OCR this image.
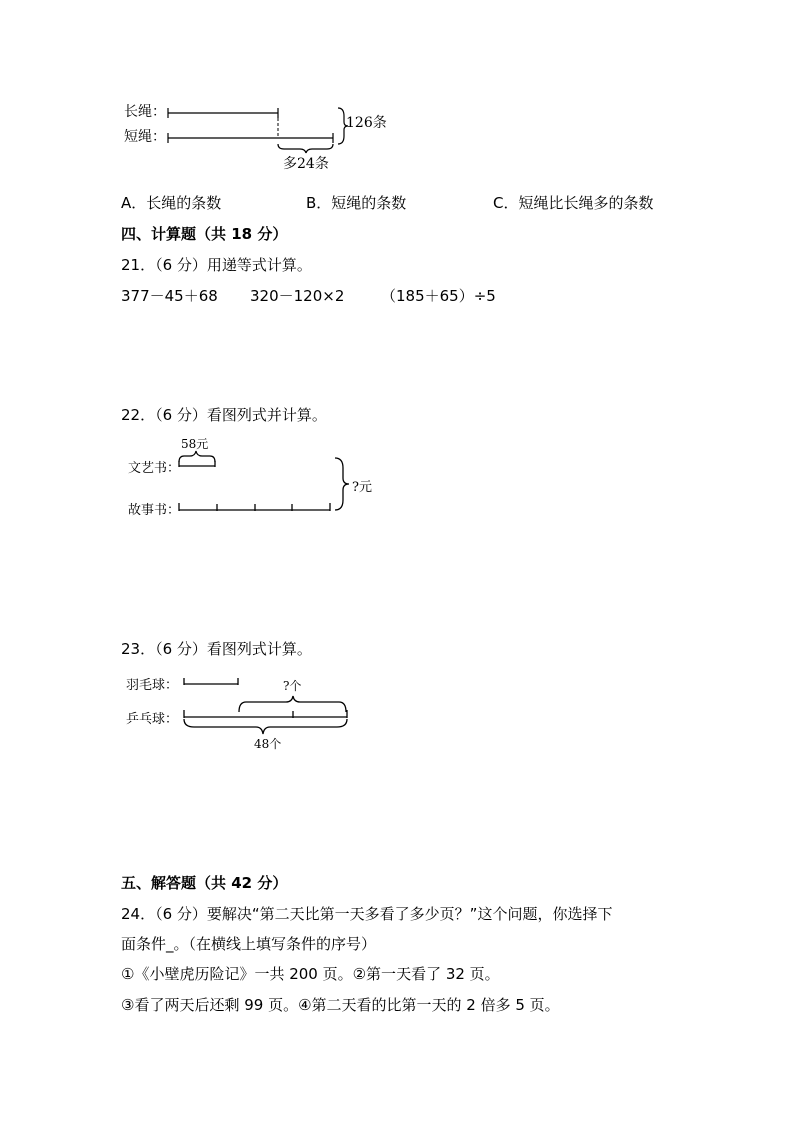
长绳：
短绳：
126条
多24条
A．长绳的条数	B．短绳的条数	C．短绳比长绳多的条数
四、计算题（共 18 分）
21．（6 分）用递等式计算。
377－45＋68 320－120×2 （185＋65）÷5
22．（6 分）看图列式并计算。
58元
文艺书：
故事书：
?元
23．（6 分）看图列式计算。
羽毛球：
乒乓球：
?个
48个
五、解答题（共 42 分）
24．（6 分）要解决“第二天比第一天多看了多少页？”这个问题，你选择下
面条件_。（在横线上填写条件的序号）
①《小壁虎历险记》一共 200 页。②第一天看了 32 页。
③看了两天后还剩 99 页。④第二天看的比第一天的 2 倍多 5 页。
